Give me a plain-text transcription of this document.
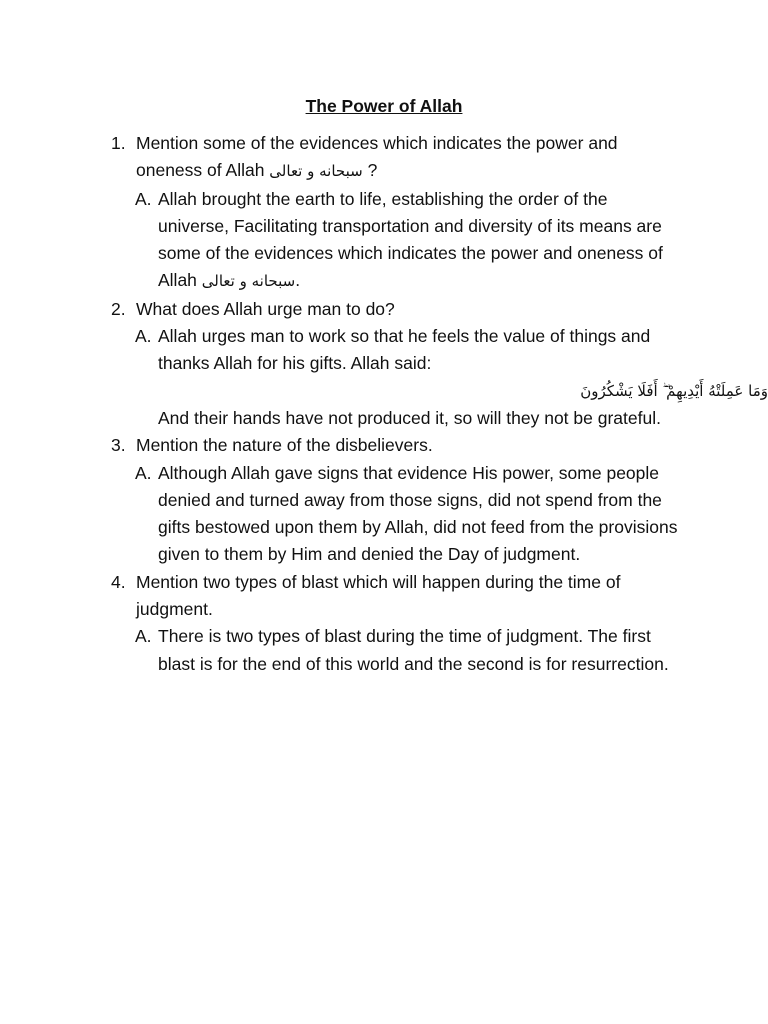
The Power of Allah
1. Mention some of the evidences which indicates the power and oneness of Allah سبحانه و تعالى ?
A. Allah brought the earth to life, establishing the order of the universe, Facilitating transportation and diversity of its means are some of the evidences which indicates the power and oneness of Allah سبحانه و تعالى.
2. What does Allah urge man to do?
A. Allah urges man to work so that he feels the value of things and thanks Allah for his gifts. Allah said:
وَمَا عَمِلَتْهُ أَيْدِيهِمْ ۖ أَفَلَا يَشْكُرُونَ
And their hands have not produced it, so will they not be grateful.
3. Mention the nature of the disbelievers.
A. Although Allah gave signs that evidence His power, some people denied and turned away from those signs, did not spend from the gifts bestowed upon them by Allah, did not feed from the provisions given to them by Him and denied the Day of judgment.
4. Mention two types of blast which will happen during the time of judgment.
A. There is two types of blast during the time of judgment. The first blast is for the end of this world and the second is for resurrection.
